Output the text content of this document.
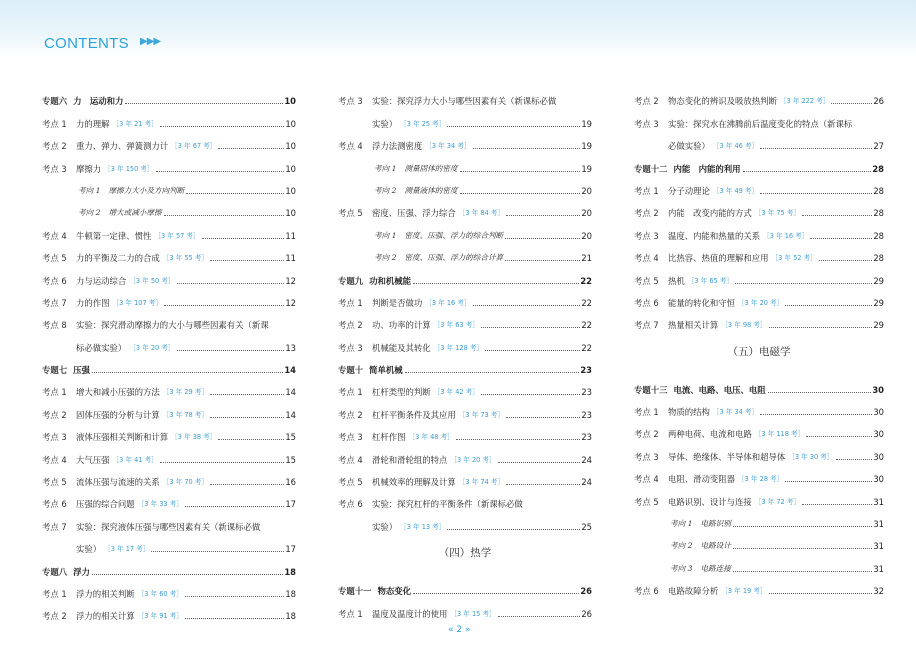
CONTENTS ▶▶▶
专题六 力　运动和力	10
考点 1	力的理解 ［3 年 21 考］	10
考点 2	重力、弹力、弹簧测力计 ［3 年 67 考］	10
考点 3	摩擦力 ［3 年 150 考］	10
考向 1 摩擦力大小及方向判断	10
考向 2 增大或减小摩擦	10
考点 4	牛顿第一定律、惯性 ［3 年 57 考］	11
考点 5	力的平衡及二力的合成 ［3 年 55 考］	11
考点 6	力与运动综合 ［3 年 50 考］	12
考点 7	力的作图 ［3 年 107 考］	12
考点 8	实验：探究滑动摩擦力的大小与哪些因素有关（新课
标必做实验） ［3 年 20 考］	13
专题七 压强	14
考点 1	增大和减小压强的方法 ［3 年 29 考］	14
考点 2	固体压强的分析与计算 ［3 年 78 考］	14
考点 3	液体压强相关判断和计算 ［3 年 38 考］	15
考点 4	大气压强 ［3 年 41 考］	15
考点 5	流体压强与流速的关系 ［3 年 70 考］	16
考点 6	压强的综合问题 ［3 年 33 考］	17
考点 7	实验：探究液体压强与哪些因素有关（新课标必做
实验） ［3 年 17 考］	17
专题八 浮力	18
考点 1	浮力的相关判断 ［3 年 60 考］	18
考点 2	浮力的相关计算 ［3 年 91 考］	18
考点 3	实验：探究浮力大小与哪些因素有关（新课标必做
实验） ［3 年 25 考］	19
考点 4	浮力法测密度 ［3 年 34 考］	19
考向 1 测量固体的密度	19
考向 2 测量液体的密度	20
考点 5	密度、压强、浮力综合 ［3 年 84 考］	20
考向 1 密度、压强、浮力的综合判断	20
考向 2 密度、压强、浮力的综合计算	21
专题九 功和机械能	22
考点 1	判断是否做功 ［3 年 16 考］	22
考点 2	功、功率的计算 ［3 年 63 考］	22
考点 3	机械能及其转化 ［3 年 128 考］	22
专题十 简单机械	23
考点 1	杠杆类型的判断 ［3 年 42 考］	23
考点 2	杠杆平衡条件及其应用 ［3 年 73 考］	23
考点 3	杠杆作图 ［3 年 48 考］	23
考点 4	滑轮和滑轮组的特点 ［3 年 20 考］	24
考点 5	机械效率的理解及计算 ［3 年 74 考］	24
考点 6	实验：探究杠杆的平衡条件（新课标必做
实验） ［3 年 13 考］	25
（四）热学
专题十一 物态变化	26
考点 1	温度及温度计的使用 ［3 年 15 考］	26
考点 2	物态变化的辨识及吸放热判断 ［3 年 222 考］	26
考点 3	实验：探究水在沸腾前后温度变化的特点（新课标
必做实验） ［3 年 46 考］	27
专题十二 内能　内能的利用	28
考点 1	分子动理论 ［3 年 49 考］	28
考点 2	内能　改变内能的方式 ［3 年 75 考］	28
考点 3	温度、内能和热量的关系 ［3 年 16 考］	28
考点 4	比热容、热值的理解和应用 ［3 年 52 考］	28
考点 5	热机 ［3 年 65 考］	29
考点 6	能量的转化和守恒 ［3 年 20 考］	29
考点 7	热量相关计算 ［3 年 98 考］	29
（五）电磁学
专题十三 电流、电路、电压、电阻	30
考点 1	物质的结构 ［3 年 34 考］	30
考点 2	两种电荷、电流和电路 ［3 年 118 考］	30
考点 3	导体、绝缘体、半导体和超导体 ［3 年 30 考］	30
考点 4	电阻、滑动变阻器 ［3 年 28 考］	30
考点 5	电路识别、设计与连接 ［3 年 72 考］	31
考向 1 电路识别	31
考向 2 电路设计	31
考向 3 电路连接	31
考点 6	电路故障分析 ［3 年 19 考］	32
« 2 »
